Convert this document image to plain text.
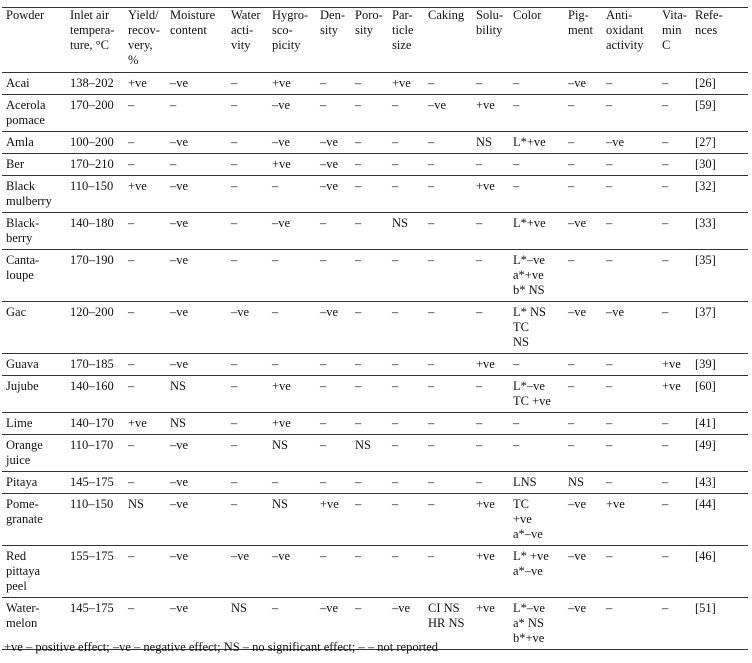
Powder	Inlet air
tempera-
ture, °C	Yield/
recov-
very,
%	Moisture
content	Water
acti-
vity	Hygro-
sco-
picity	Den-
sity	Poro-
sity	Par-
ticle
size	Caking	Solu-
bility	Color	Pig-
ment	Anti-
oxidant
activity	Vita-
min
C	Refe-
nces
Acai	138–202	+ve	–ve	–	+ve	–	–	+ve	–	–	–	–ve	–	–	[26]
Acerola
pomace	170–200	–	–	–	–ve	–	–	–	–ve	+ve	–	–	–	–	[59]
Amla	100–200	–	–ve	–	–ve	–ve	–	–	–	NS	L*+ve	–	–ve	–	[27]
Ber	170–210	–	–	–	+ve	–ve	–	–	–	–	–	–	–	–	[30]
Black
mulberry	110–150	+ve	–ve	–	–	–ve	–	–	–	+ve	–	–	–	–	[32]
Black-
berry	140–180	–	–ve	–	–ve	–	–	NS	–	–	L*+ve	–ve	–	–	[33]
Canta-
loupe	170–190	–	–ve	–	–	–	–	–	–	–	L*–ve
a*+ve
b* NS	–	–	–	[35]
Gac	120–200	–	–ve	–ve	–	–ve	–	–	–	–	L* NS
TC
NS	–ve	–ve	–	[37]
Guava	170–185	–	–ve	–	–	–	–	–	–	+ve	–	–	–	+ve	[39]
Jujube	140–160	–	NS	–	+ve	–	–	–	–	–	L*–ve
TC +ve	–	–	+ve	[60]
Lime	140–170	+ve	NS	–	+ve	–	–	–	–	–	–	–	–	–	[41]
Orange
juice	110–170	–	–ve	–	NS	–	NS	–	–	–	–	–	–	–	[49]
Pitaya	145–175	–	–ve	–	–	–	–	–	–	–	LNS	NS	–	–	[43]
Pome-
granate	110–150	NS	–ve	–	NS	+ve	–	–	–	+ve	TC
+ve
a*–ve	–ve	+ve	–	[44]
Red
pittaya
peel	155–175	–	–ve	–ve	–ve	–	–	–	–	+ve	L* +ve
a*–ve	–ve	–	–	[46]
Water-
melon	145–175	–	–ve	NS	–	–ve	–	–ve	CI NS
HR NS	+ve	L*–ve
a* NS
b*+ve	–ve	–	–	[51]
+ve – positive effect; –ve – negative effect; NS – no significant effect; – – not reported
